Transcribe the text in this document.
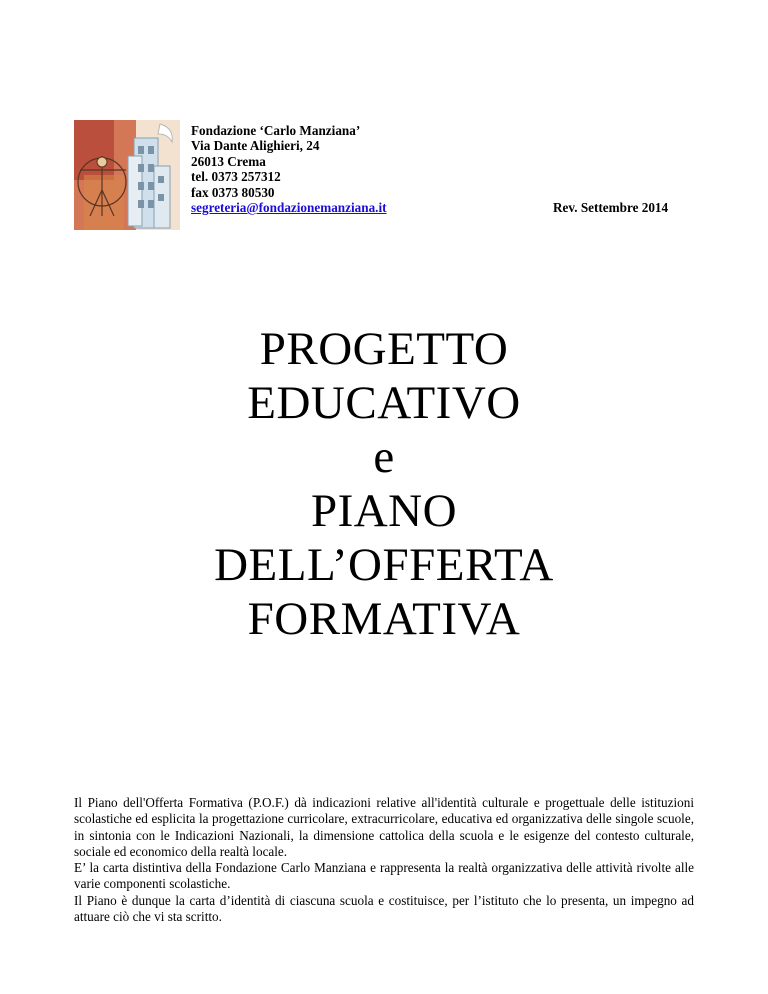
Fondazione ‘Carlo Manziana’
Via Dante Alighieri, 24
26013 Crema
tel. 0373 257312
fax 0373 80530
segreteria@fondazionemanziana.it	Rev. Settembre 2014
PROGETTO
EDUCATIVO
e
PIANO
DELL’OFFERTA
FORMATIVA

Il Piano dell'Offerta Formativa (P.O.F.) dà indicazioni relative all'identità culturale e progettuale delle istituzioni scolastiche ed esplicita la progettazione curricolare, extracurricolare, educativa ed organizzativa delle singole scuole, in sintonia con le Indicazioni Nazionali, la dimensione cattolica della scuola e le esigenze del contesto culturale, sociale ed economico della realtà locale.

E’ la carta distintiva della Fondazione Carlo Manziana e rappresenta la realtà organizzativa delle attività rivolte alle varie componenti scolastiche.

Il Piano è dunque la carta d’identità di ciascuna scuola e costituisce, per l’istituto che lo presenta, un impegno ad attuare ciò che vi sta scritto.
